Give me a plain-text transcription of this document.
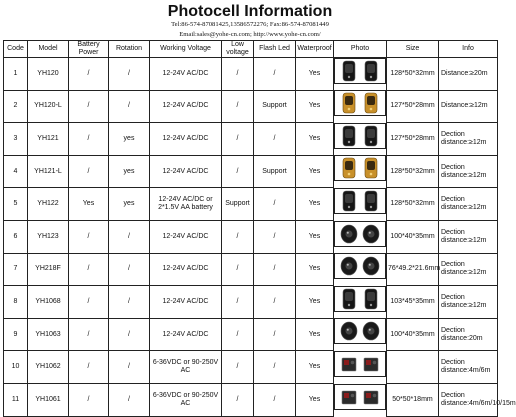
Photocell Information
Tel:86-574-87081425,13586572276; Fax:86-574-87081449
Email:sales@yohe-cn.com; http://www.yohe-cn.com/
Code	Model	Battery Power	Rotation	Working Voltage	Low voltage	Flash Led	Waterproof	Photo	Size	Info
1	YH120	/	/	12-24V AC/DC	/	/	Yes	128*50*32mm	Distance:≥20m
2	YH120-L	/	/	12-24V AC/DC	/	Support	Yes	127*50*28mm	Distance:≥12m
3	YH121	/	yes	12-24V AC/DC	/	/	Yes	127*50*28mm	Dection distance:≥12m
4	YH121-L	/	yes	12-24V AC/DC	/	Support	Yes	128*50*32mm	Dection distance:≥12m
5	YH122	Yes	yes	12-24V AC/DC or 2*1.5V AA battery	Support	/	Yes	128*50*32mm	Dection distance:≥12m
6	YH123	/	/	12-24V AC/DC	/	/	Yes	100*40*35mm	Dection distance:≥12m
7	YH218F	/	/	12-24V AC/DC	/	/	Yes	76*49.2*21.6mm	Dection distance:≥12m
8	YH1068	/	/	12-24V AC/DC	/	/	Yes	103*45*35mm	Dection distance:≥12m
9	YH1063	/	/	12-24V AC/DC	/	/	Yes	100*40*35mm	Dection distance:20m
10	YH1062	/	/	6-36VDC or 90-250V AC	/	/	Yes		Dection distance:4m/6m
11	YH1061	/	/	6-36VDC or 90-250V AC	/	/	Yes	50*50*18mm	Dection distance:4m/6m/10/15m
